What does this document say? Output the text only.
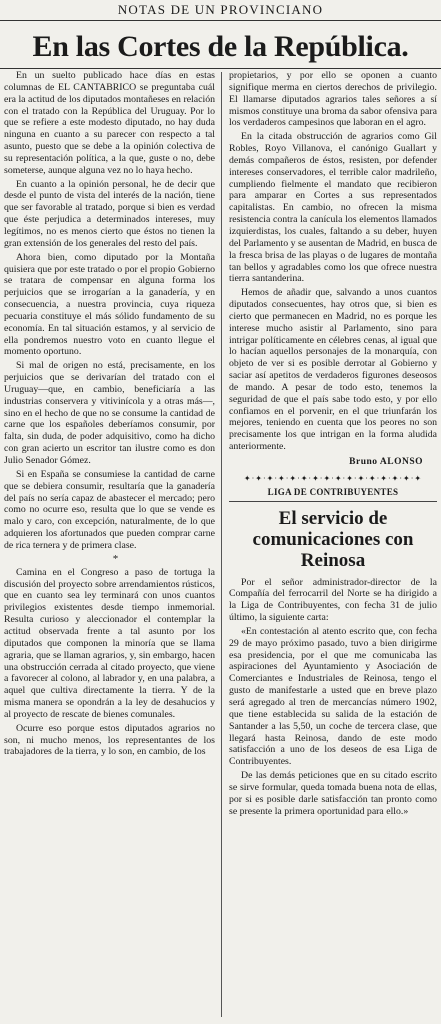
NOTAS DE UN PROVINCIANO
En las Cortes de la República.

En un suelto publicado hace días en estas columnas de EL CANTABRICO se preguntaba cuál era la actitud de los diputados montañeses en relación con el tratado con la República del Uruguay. Por lo que se refiere a este modesto diputado, no hay duda ninguna en cuanto a su parecer con respecto a tal asunto, puesto que se debe a la opinión colectiva de su representación política, a la que, guste o no, debe someterse, aunque alguna vez no lo haya hecho.

En cuanto a la opinión personal, he de decir que desde el punto de vista del interés de la nación, tiene que ser favorable al tratado, porque si bien es verdad que éste perjudica a determinados intereses, muy legítimos, no es menos cierto que éstos no tienen la gran extensión de los generales del resto del país.

Ahora bien, como diputado por la Montaña quisiera que por este tratado o por el propio Gobierno se tratara de compensar en alguna forma los perjuicios que se irrogarían a la ganadería, y en consecuencia, a nuestra provincia, cuya riqueza pecuaria constituye el más sólido fundamento de su economía. En tal situación estamos, y al servicio de ella pondremos nuestro voto en cuanto llegue el momento oportuno.

Si mal de origen no está, precisamente, en los perjuicios que se derivarían del tratado con el Uruguay—que, en cambio, beneficiaría a las industrias conservera y vitivinícola y a otras más—, sino en el hecho de que no se consume la cantidad de carne que los españoles deberíamos consumir, por falta, sin duda, de poder adquisitivo, como ha dicho con gran acierto un escritor tan ilustre como es don Julio Senador Gómez.

Si en España se consumiese la cantidad de carne que se debiera consumir, resultaría que la ganadería del país no sería capaz de abastecer el mercado; pero como no ocurre eso, resulta que lo que se vende es malo y caro, con excepción, naturalmente, de lo que adquieren los afortunados que pueden comprar carne de rica ternera y de primera clase.

*

Camina en el Congreso a paso de tortuga la discusión del proyecto sobre arrendamientos rústicos, que en cuanto sea ley terminará con unos cuantos privilegios existentes desde tiempo inmemorial. Resulta curioso y aleccionador el contemplar la actitud observada frente a tal asunto por los diputados que componen la minoría que se llama agraria, que se llaman agrarios, y, sin embargo, hacen una obstrucción cerrada al citado proyecto, que viene a favorecer al colono, al labrador y, en una palabra, a aquel que cultiva directamente la tierra. Y de la misma manera se opondrán a la ley de desahucios y al proyecto de rescate de bienes comunales.

Ocurre eso porque estos diputados agrarios no son, ni mucho menos, los representantes de los trabajadores de la tierra, y lo son, en cambio, de los

propietarios, y por ello se oponen a cuanto signifique merma en ciertos derechos de privilegio. El llamarse diputados agrarios tales señores a sí mismos constituye una broma da sabor ofensiva para los verdaderos campesinos que laboran en el agro.

En la citada obstrucción de agrarios como Gil Robles, Royo Villanova, el canónigo Guallart y demás compañeros de éstos, resisten, por defender intereses conservadores, el terrible calor madrileño, cumpliendo fielmente el mandato que recibieron para amparar en Cortes a sus representados capitalistas. En cambio, no ofrecen la misma resistencia contra la canícula los elementos llamados izquierdistas, los cuales, faltando a su deber, huyen del Parlamento y se ausentan de Madrid, en busca de la fresca brisa de las playas o de lugares de montaña tan bellos y agradables como los que ofrece nuestra tierra santanderina.

Hemos de añadir que, salvando a unos cuantos diputados consecuentes, hay otros que, si bien es cierto que permanecen en Madrid, no es porque les interese mucho asistir al Parlamento, sino para intrigar políticamente en célebres cenas, al igual que lo hacían aquellos personajes de la monarquía, con objeto de ver si es posible derrotar al Gobierno y saciar así apetitos de verdaderos figurones deseosos de mando. A pesar de todo esto, tenemos la seguridad de que el país sabe todo esto, y por ello confiamos en el porvenir, en el que triunfarán los mejores, teniendo en cuenta que los peores no son precisamente los que intrigan en la forma aludida anteriormente.

Bruno ALONSO
✦·✦·✦·✦·✦·✦·✦·✦·✦·✦·✦·✦·✦·✦·✦·✦
LIGA DE CONTRIBUYENTES
El servicio de comunicaciones con Reinosa

Por el señor administrador-director de la Compañía del ferrocarril del Norte se ha dirigido a la Liga de Contribuyentes, con fecha 31 de julio último, la siguiente carta:

«En contestación al atento escrito que, con fecha 29 de mayo próximo pasado, tuvo a bien dirigirme esa presidencia, por el que me comunicaba las aspiraciones del Ayuntamiento y Asociación de Comerciantes e Industriales de Reinosa, tengo el gusto de manifestarle a usted que en breve plazo será agregado al tren de mercancías número 1902, que tiene establecida su salida de la estación de Santander a las 5,50, un coche de tercera clase, que llegará hasta Reinosa, dando de este modo satisfacción a uno de los deseos de esa Liga de Contribuyentes.

De las demás peticiones que en su citado escrito se sirve formular, queda tomada buena nota de ellas, por si es posible darle satisfacción tan pronto como se presente la primera oportunidad para ello.»
